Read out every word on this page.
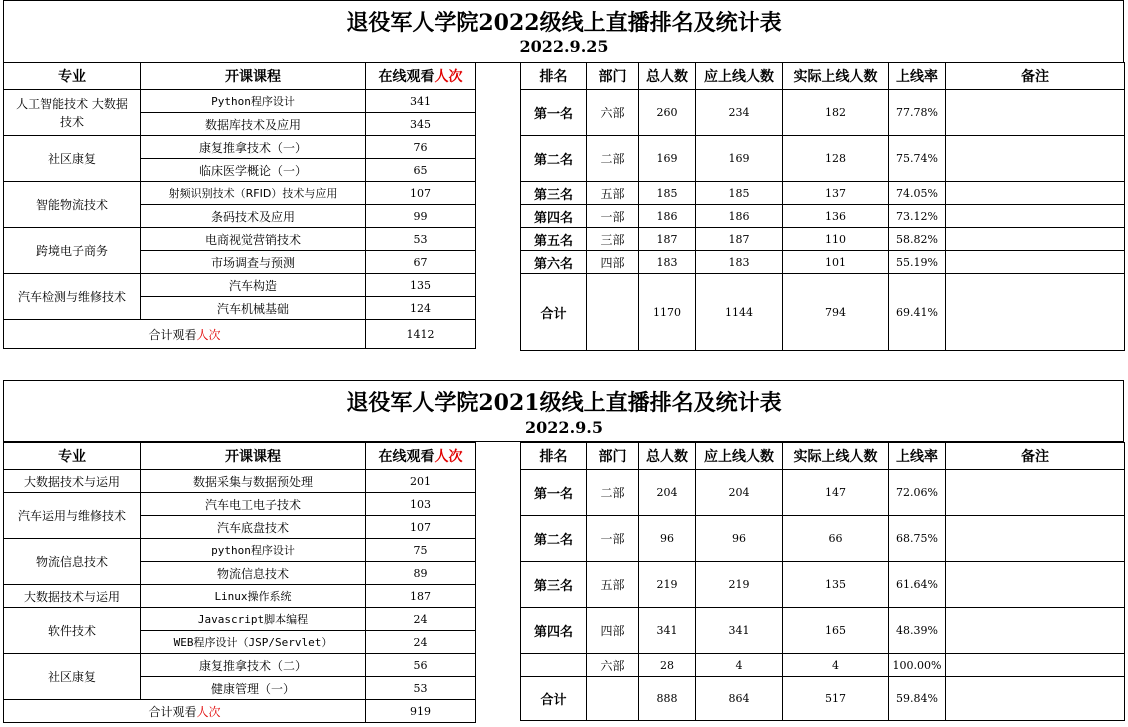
退役军人学院2022级线上直播排名及统计表
2022.9.25
专业	开课课程	在线观看人次
人工智能技术 大数据技术	Python程序设计	341
	数据库技术及应用	345
社区康复	康复推拿技术（一）	76
	临床医学概论（一）	65
智能物流技术	射频识别技术（RFID）技术与应用	107
	条码技术及应用	99
跨境电子商务	电商视觉营销技术	53
	市场调查与预测	67
汽车检测与维修技术	汽车构造	135
	汽车机械基础	124
合计观看人次		1412
排名	部门	总人数	应上线人数	实际上线人数	上线率	备注
第一名	六部	260	234	182	77.78%	
第二名	二部	169	169	128	75.74%	
第三名	五部	185	185	137	74.05%	
第四名	一部	186	186	136	73.12%	
第五名	三部	187	187	110	58.82%	
第六名	四部	183	183	101	55.19%	
合计		1170	1144	794	69.41%	
退役军人学院2021级线上直播排名及统计表
2022.9.5
专业	开课课程	在线观看人次
大数据技术与运用	数据采集与数据预处理	201
汽车运用与维修技术	汽车电工电子技术	103
	汽车底盘技术	107
物流信息技术	python程序设计	75
	物流信息技术	89
大数据技术与运用	Linux操作系统	187
软件技术	Javascript脚本编程	24
	WEB程序设计（JSP/Servlet）	24
社区康复	康复推拿技术（二）	56
	健康管理（一）	53
合计观看人次		919
排名	部门	总人数	应上线人数	实际上线人数	上线率	备注
第一名	二部	204	204	147	72.06%	
第二名	一部	96	96	66	68.75%	
第三名	五部	219	219	135	61.64%	
第四名	四部	341	341	165	48.39%	
	六部	28	4	4	100.00%	
合计		888	864	517	59.84%	
